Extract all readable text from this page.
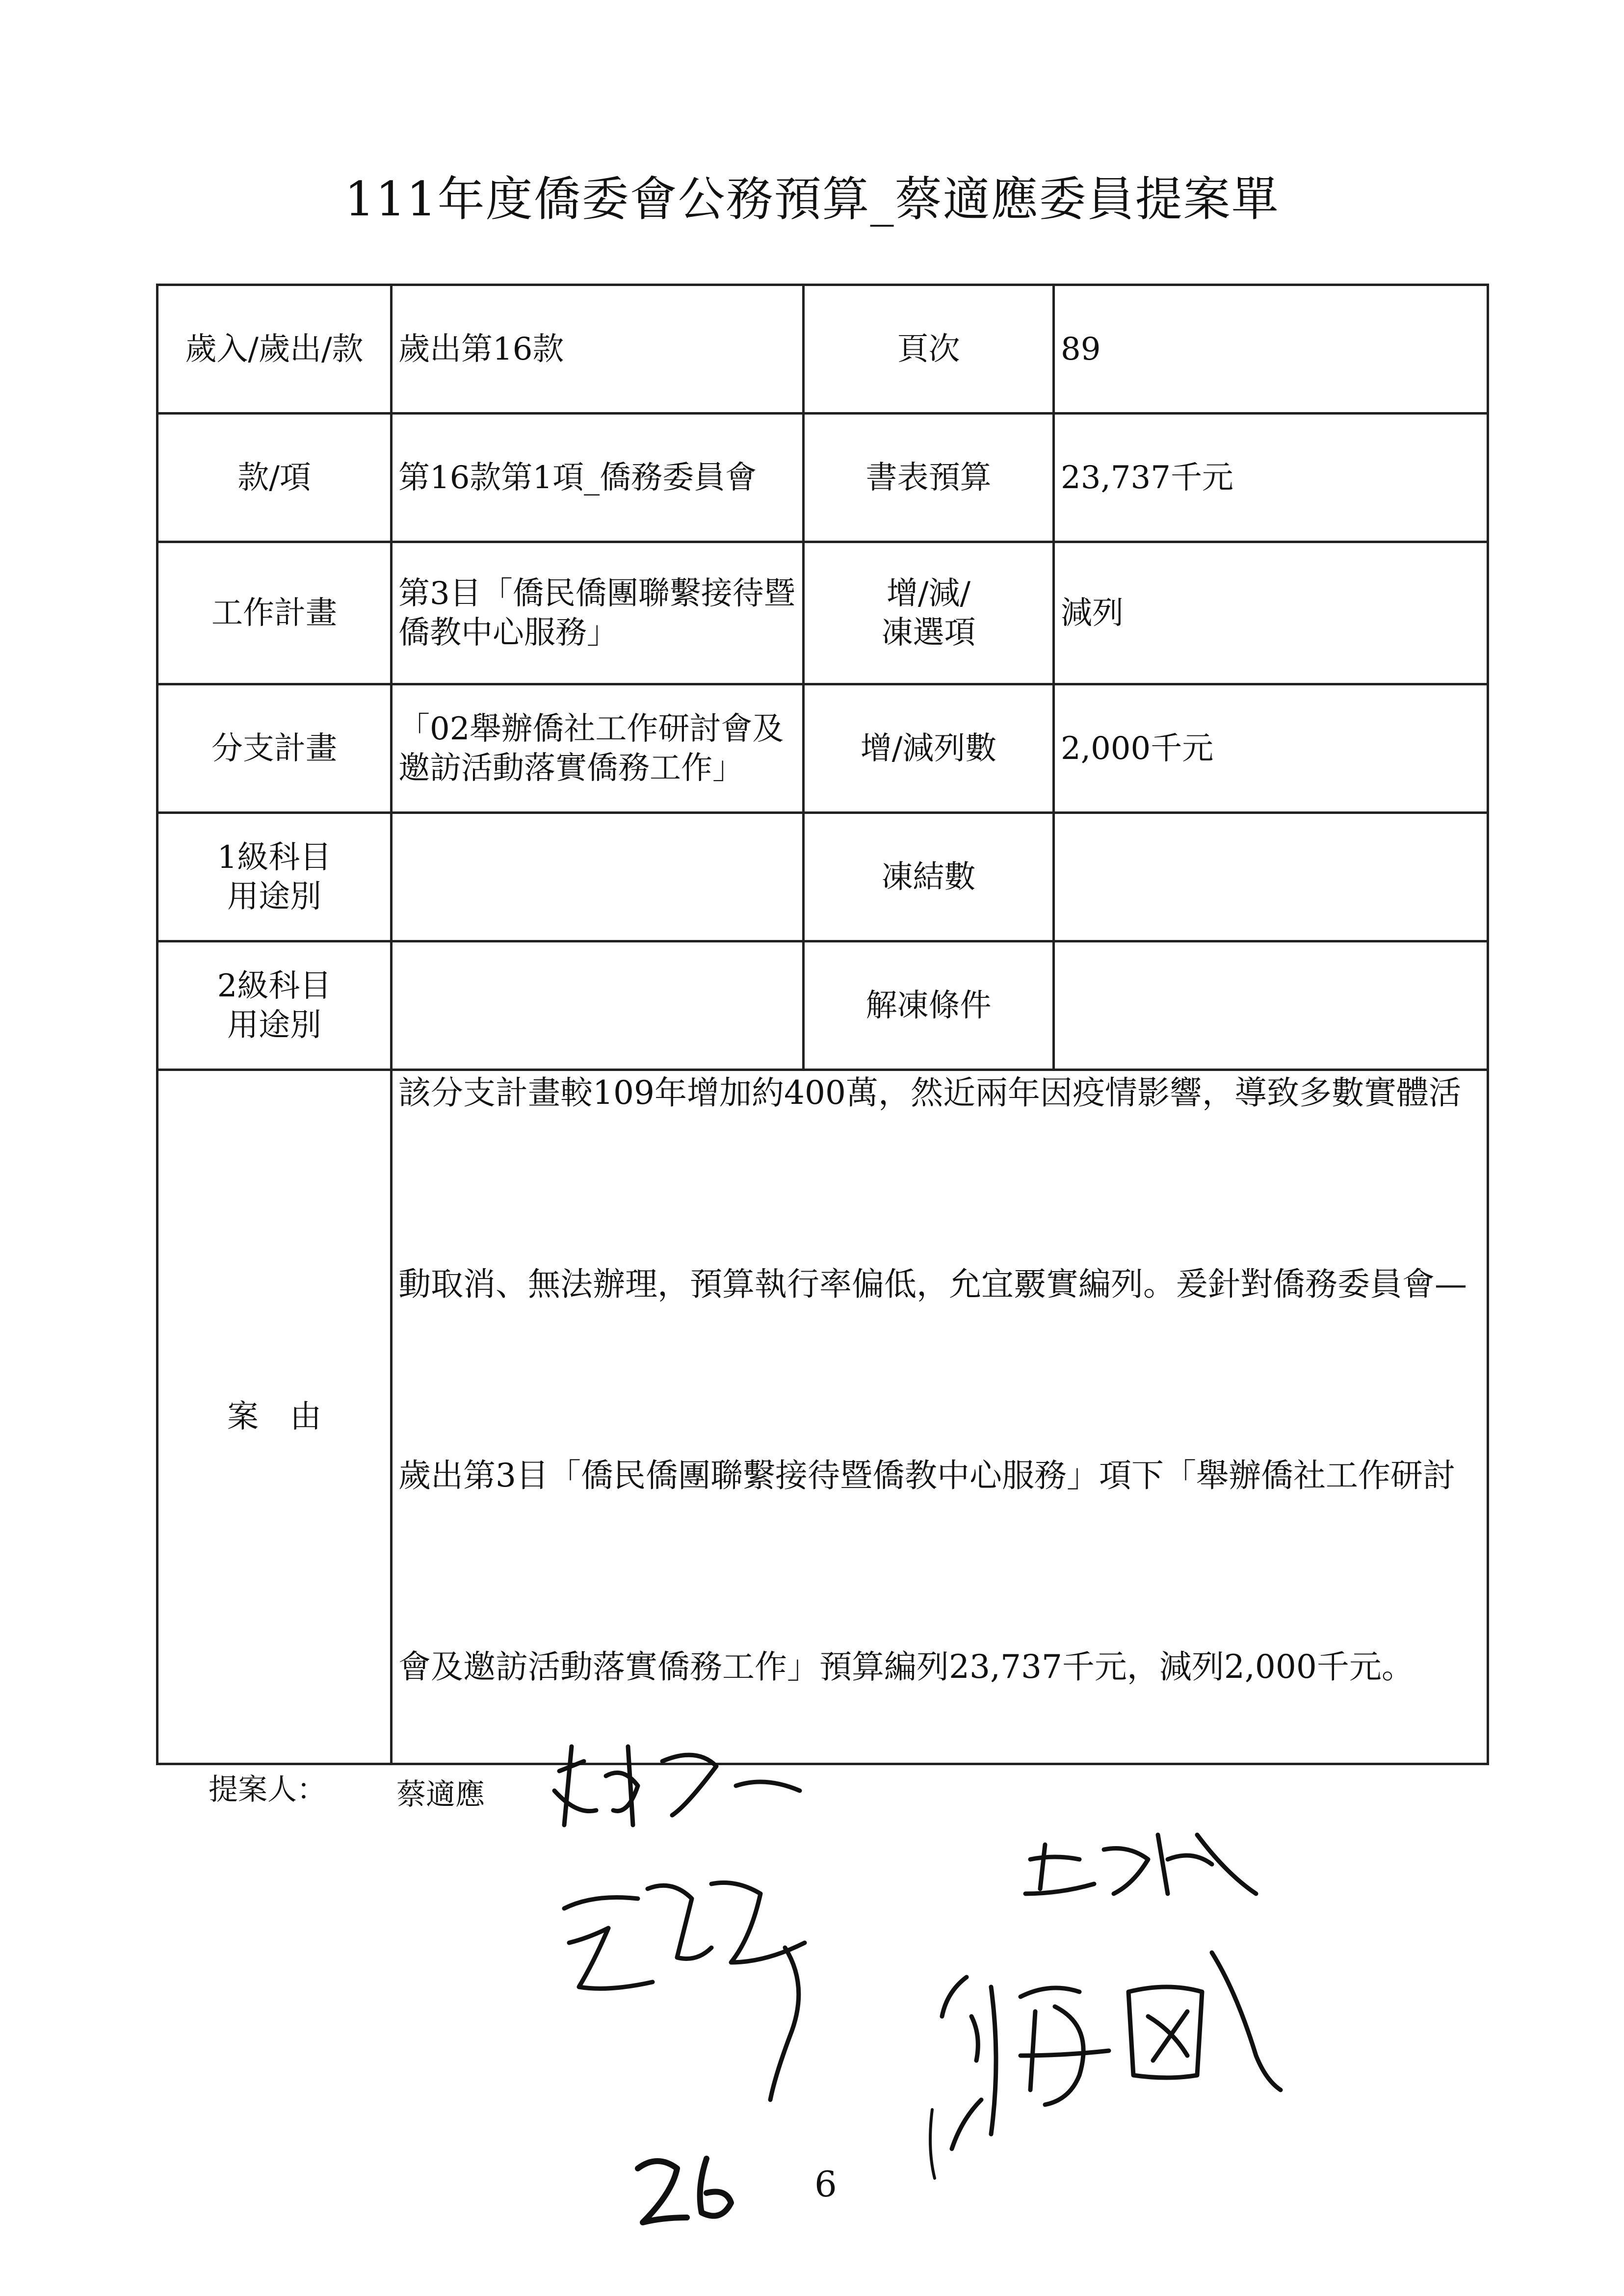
111年度僑委會公務預算_蔡適應委員提案單
歲入/歲出/款	歲出第16款	頁次	89
款/項	第16款第1項_僑務委員會	書表預算	23,737千元
工作計畫	第3目「僑民僑團聯繫接待暨僑教中心服務」	增/減/凍選項	減列
分支計畫	「02舉辦僑社工作研討會及邀訪活動落實僑務工作」	增/減列數	2,000千元
1級科目用途別		凍結數	
2級科目用途別		解凍條件	
案　由	該分支計畫較109年增加約400萬，然近兩年因疫情影響，導致多數實體活動取消、無法辦理，預算執行率偏低，允宜覈實編列。爰針對僑務委員會—歲出第3目「僑民僑團聯繫接待暨僑教中心服務」項下「舉辦僑社工作研討會及邀訪活動落實僑務工作」預算編列23,737千元，減列2,000千元。		
提案人： 蔡適應
6
